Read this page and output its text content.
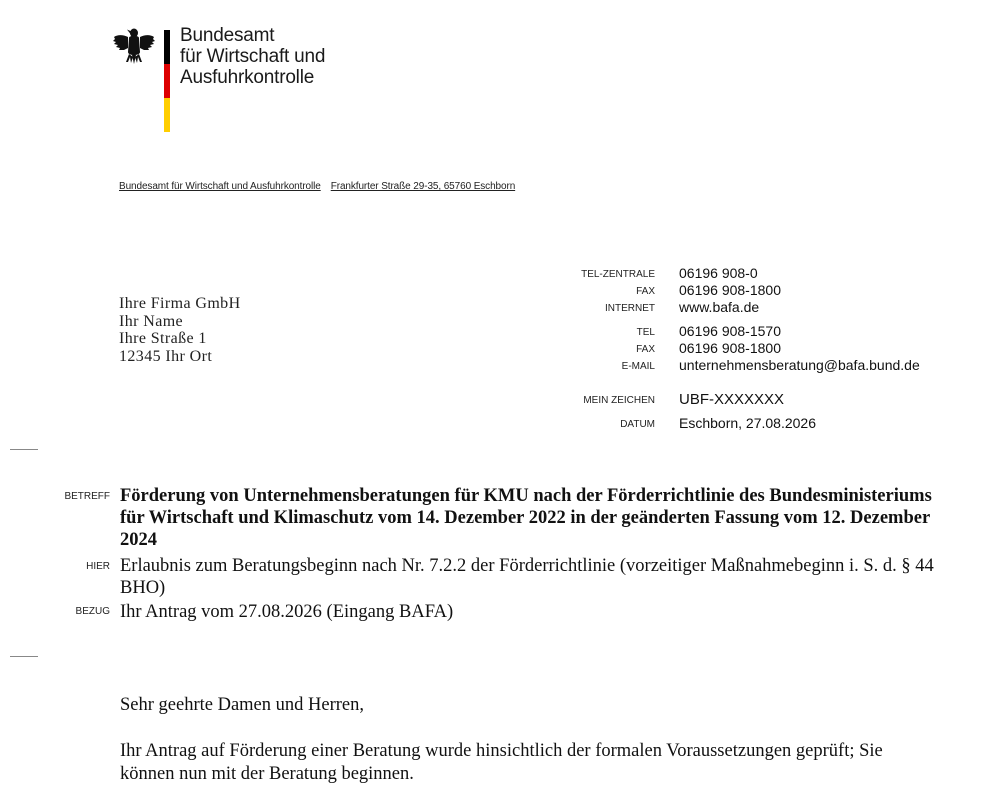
Bundesamt
für Wirtschaft und
Ausfuhrkontrolle
Bundesamt für Wirtschaft und Ausfuhrkontrolle Frankfurter Straße 29-35, 65760 Eschborn
Ihre Firma GmbH
Ihr Name
Ihre Straße 1
12345 Ihr Ort
TEL-ZENTRALE 06196 908-0
FAX 06196 908-1800
INTERNET www.bafa.de
TEL 06196 908-1570
FAX 06196 908-1800
E-MAIL unternehmensberatung@bafa.bund.de
MEIN ZEICHEN UBF-XXXXXXX
DATUM Eschborn, 27.08.2026
BETREFF Förderung von Unternehmensberatungen für KMU nach der Förderrichtlinie des Bundesministeriums für Wirtschaft und Klimaschutz vom 14. Dezember 2022 in der geänderten Fassung vom 12. Dezember 2024
HIER Erlaubnis zum Beratungsbeginn nach Nr. 7.2.2 der Förderrichtlinie (vorzeitiger Maßnahmebeginn i. S. d. § 44 BHO)
BEZUG Ihr Antrag vom 27.08.2026 (Eingang BAFA)
Sehr geehrte Damen und Herren,
Ihr Antrag auf Förderung einer Beratung wurde hinsichtlich der formalen Voraussetzungen geprüft; Sie können nun mit der Beratung beginnen.
